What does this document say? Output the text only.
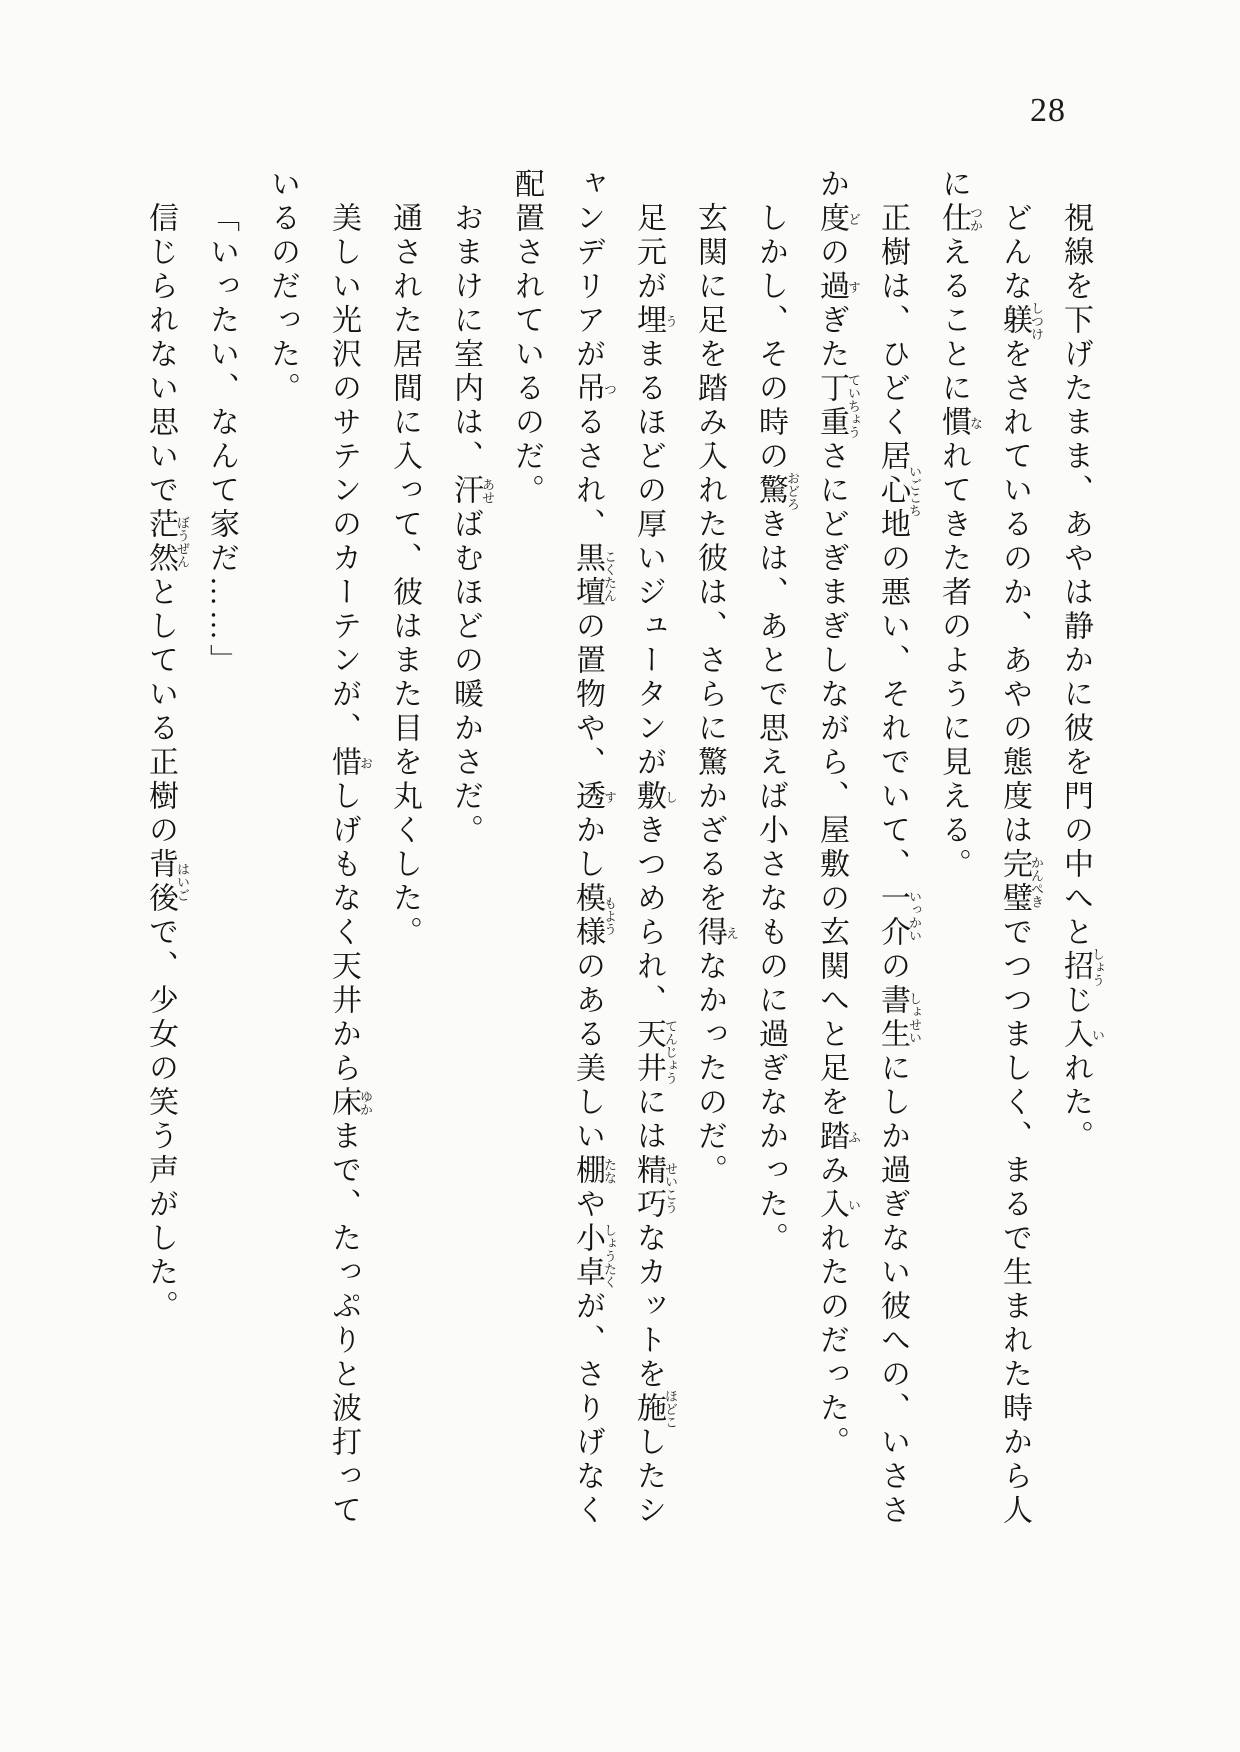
28

視線を下げたまま、あやは静かに彼を門の中へと招しょうじ入いれた。

どんな躾しつけをされているのか、あやの態度は完璧かんぺきでつつましく、まるで生まれた時から人に仕つかえることに慣なれてきた者のように見える。

正樹は、ひどく居心地いごこちの悪い、それでいて、一介いっかいの書生しょせいにしか過ぎない彼への、いささか度どの過すぎた丁重ていちょうさにどぎまぎしながら、屋敷の玄関へと足を踏ふみ入いれたのだった。

しかし、その時の驚おどろきは、あとで思えば小さなものに過ぎなかった。

玄関に足を踏み入れた彼は、さらに驚かざるを得えなかったのだ。

足元が埋うまるほどの厚いジュータンが敷しきつめられ、天井てんじょうには精巧せいこうなカットを施ほどこしたシャンデリアが吊つるされ、黒壇こくたんの置物や、透すかし模様もようのある美しい棚たなや小卓しょうたくが、さりげなく配置されているのだ。

おまけに室内は、汗あせばむほどの暖かさだ。

通された居間に入って、彼はまた目を丸くした。

美しい光沢のサテンのカーテンが、惜おしげもなく天井から床ゆかまで、たっぷりと波打っているのだった。

「いったい、なんて家だ……」

信じられない思いで茫然ぼうぜんとしている正樹の背後はいごで、少女の笑う声がした。
